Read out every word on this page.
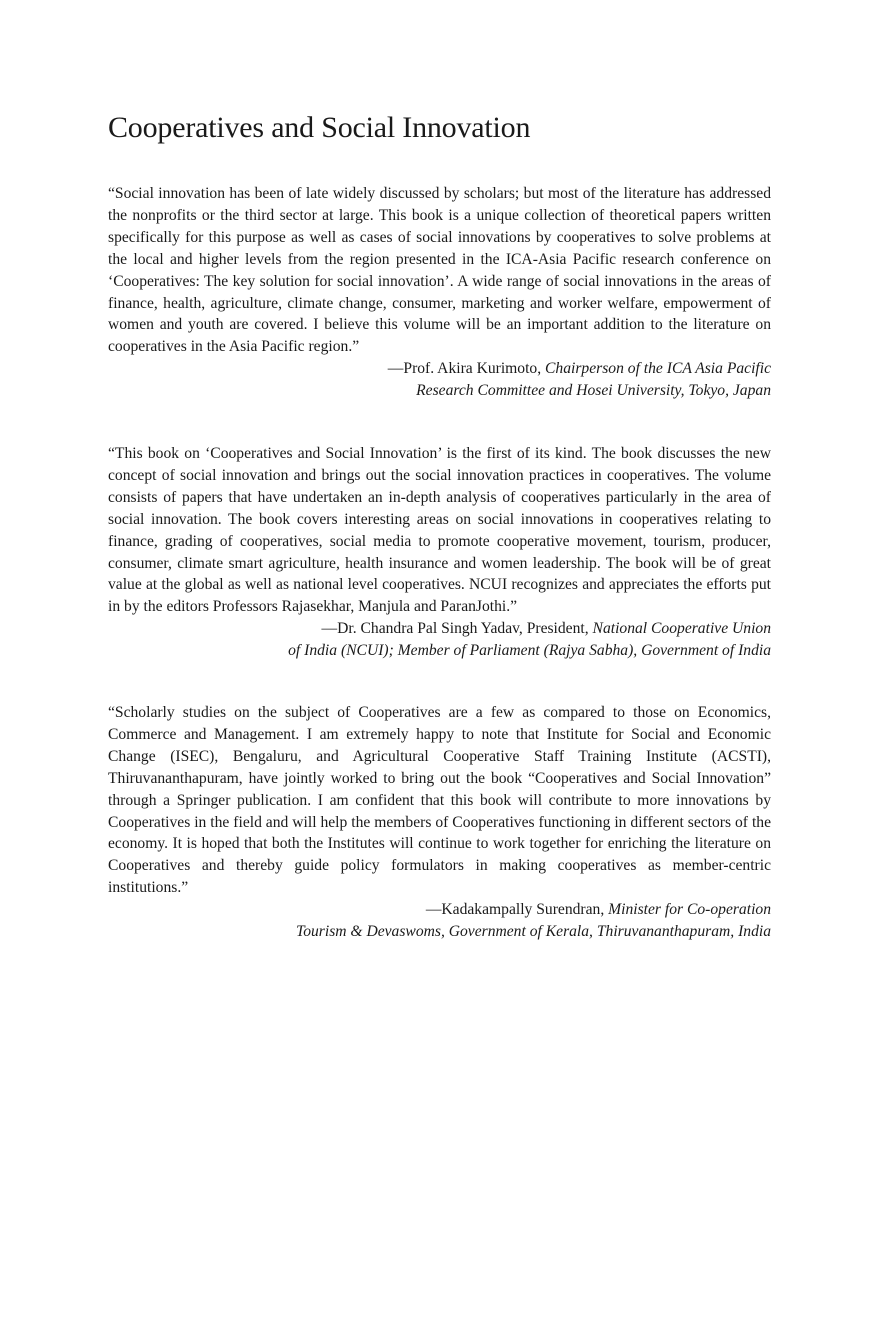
Cooperatives and Social Innovation

“Social innovation has been of late widely discussed by scholars; but most of the literature has addressed the nonprofits or the third sector at large. This book is a unique collection of theoretical papers written specifically for this purpose as well as cases of social innovations by cooperatives to solve problems at the local and higher levels from the region presented in the ICA-Asia Pacific research conference on ‘Cooperatives: The key solution for social innovation’. A wide range of social innovations in the areas of finance, health, agriculture, climate change, consumer, marketing and worker welfare, empowerment of women and youth are covered. I believe this volume will be an important addition to the literature on cooperatives in the Asia Pacific region.”

—Prof. Akira Kurimoto, Chairperson of the ICA Asia Pacific
Research Committee and Hosei University, Tokyo, Japan

“This book on ‘Cooperatives and Social Innovation’ is the first of its kind. The book discusses the new concept of social innovation and brings out the social innovation practices in cooperatives. The volume consists of papers that have undertaken an in-depth analysis of cooperatives particularly in the area of social innovation. The book covers interesting areas on social innovations in cooperatives relating to finance, grading of cooperatives, social media to promote cooperative movement, tourism, producer, consumer, climate smart agriculture, health insurance and women leadership. The book will be of great value at the global as well as national level cooperatives. NCUI recognizes and appreciates the efforts put in by the editors Professors Rajasekhar, Manjula and ParanJothi.”

—Dr. Chandra Pal Singh Yadav, President, National Cooperative Union
of India (NCUI); Member of Parliament (Rajya Sabha), Government of India

“Scholarly studies on the subject of Cooperatives are a few as compared to those on Economics, Commerce and Management. I am extremely happy to note that Institute for Social and Economic Change (ISEC), Bengaluru, and Agricultural Cooperative Staff Training Institute (ACSTI), Thiruvananthapuram, have jointly worked to bring out the book “Cooperatives and Social Innovation” through a Springer publication. I am confident that this book will contribute to more innovations by Cooperatives in the field and will help the members of Cooperatives functioning in different sectors of the economy. It is hoped that both the Institutes will continue to work together for enriching the literature on Cooperatives and thereby guide policy formulators in making cooperatives as member-centric institutions.”

—Kadakampally Surendran, Minister for Co-operation
Tourism & Devaswoms, Government of Kerala, Thiruvananthapuram, India
